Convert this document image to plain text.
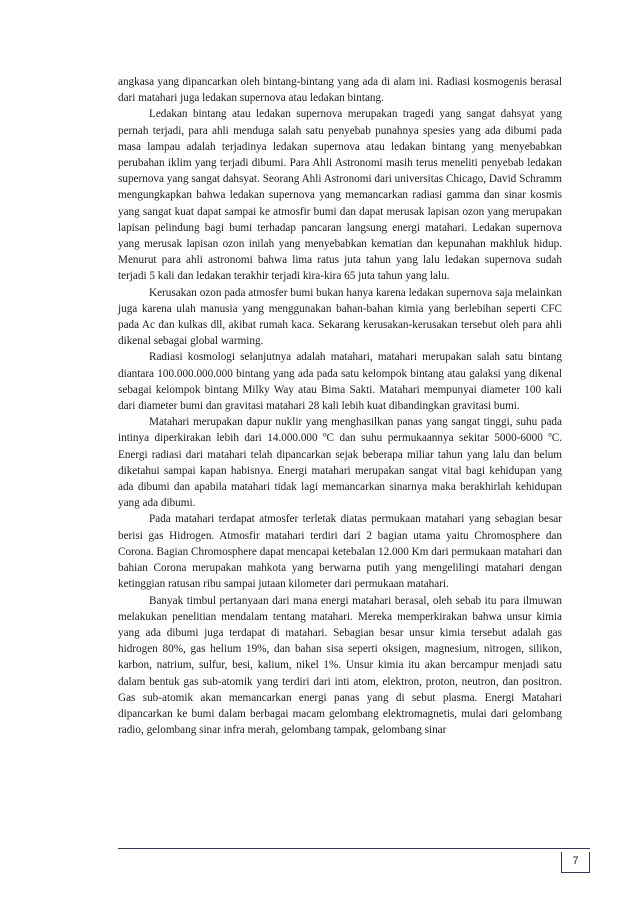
angkasa yang dipancarkan oleh bintang-bintang yang ada di alam ini. Radiasi kosmogenis berasal dari matahari juga ledakan supernova atau ledakan bintang.

Ledakan bintang atau ledakan supernova merupakan tragedi yang sangat dahsyat yang pernah terjadi, para ahli menduga salah satu penyebab punahnya spesies yang ada dibumi pada masa lampau adalah terjadinya ledakan supernova atau ledakan bintang yang menyebabkan perubahan iklim yang terjadi dibumi. Para Ahli Astronomi masih terus meneliti penyebab ledakan supernova yang sangat dahsyat. Seorang Ahli Astronomi dari universitas Chicago, David Schramm mengungkapkan bahwa ledakan supernova yang memancarkan radiasi gamma dan sinar kosmis yang sangat kuat dapat sampai ke atmosfir bumi dan dapat merusak lapisan ozon yang merupakan lapisan pelindung bagi bumi terhadap pancaran langsung energi matahari. Ledakan supernova yang merusak lapisan ozon inilah yang menyebabkan kematian dan kepunahan makhluk hidup. Menurut para ahli astronomi bahwa lima ratus juta tahun yang lalu ledakan supernova sudah terjadi 5 kali dan ledakan terakhir terjadi kira-kira 65 juta tahun yang lalu.

Kerusakan ozon pada atmosfer bumi bukan hanya karena ledakan supernova saja melainkan juga karena ulah manusia yang menggunakan bahan-bahan kimia yang berlebihan seperti CFC pada Ac dan kulkas dll, akibat rumah kaca. Sekarang kerusakan-kerusakan tersebut oleh para ahli dikenal sebagai global warming.

Radiasi kosmologi selanjutnya adalah matahari, matahari merupakan salah satu bintang diantara 100.000.000.000 bintang yang ada pada satu kelompok bintang atau galaksi yang dikenal sebagai kelompok bintang Milky Way atau Bima Sakti. Matahari mempunyai diameter 100 kali dari diameter bumi dan gravitasi matahari 28 kali lebih kuat dibandingkan gravitasi bumi.

Matahari merupakan dapur nuklir yang menghasilkan panas yang sangat tinggi, suhu pada intinya diperkirakan lebih dari 14.000.000 ºC dan suhu permukaannya sekitar 5000-6000 ºC. Energi radiasi dari matahari telah dipancarkan sejak beberapa miliar tahun yang lalu dan belum diketahui sampai kapan habisnya. Energi matahari merupakan sangat vital bagi kehidupan yang ada dibumi dan apabila matahari tidak lagi memancarkan sinarnya maka berakhirlah kehidupan yang ada dibumi.

Pada matahari terdapat atmosfer terletak diatas permukaan matahari yang sebagian besar berisi gas Hidrogen. Atmosfir matahari terdiri dari 2 bagian utama yaitu Chromosphere dan Corona. Bagian Chromosphere dapat mencapai ketebalan 12.000 Km dari permukaan matahari dan bahian Corona merupakan mahkota yang berwarna putih yang mengelilingi matahari dengan ketinggian ratusan ribu sampai jutaan kilometer dari permukaan matahari.

Banyak timbul pertanyaan dari mana energi matahari berasal, oleh sebab itu para ilmuwan melakukan penelitian mendalam tentang matahari. Mereka memperkirakan bahwa unsur kimia yang ada dibumi juga terdapat di matahari. Sebagian besar unsur kimia tersebut adalah gas hidrogen 80%, gas helium 19%, dan bahan sisa seperti oksigen, magnesium, nitrogen, silikon, karbon, natrium, sulfur, besi, kalium, nikel 1%. Unsur kimia itu akan bercampur menjadi satu dalam bentuk gas sub-atomik yang terdiri dari inti atom, elektron, proton, neutron, dan positron. Gas sub-atomik akan memancarkan energi panas yang di sebut plasma. Energi Matahari dipancarkan ke bumi dalam berbagai macam gelombang elektromagnetis, mulai dari gelombang radio, gelombang sinar infra merah, gelombang tampak, gelombang sinar

7
